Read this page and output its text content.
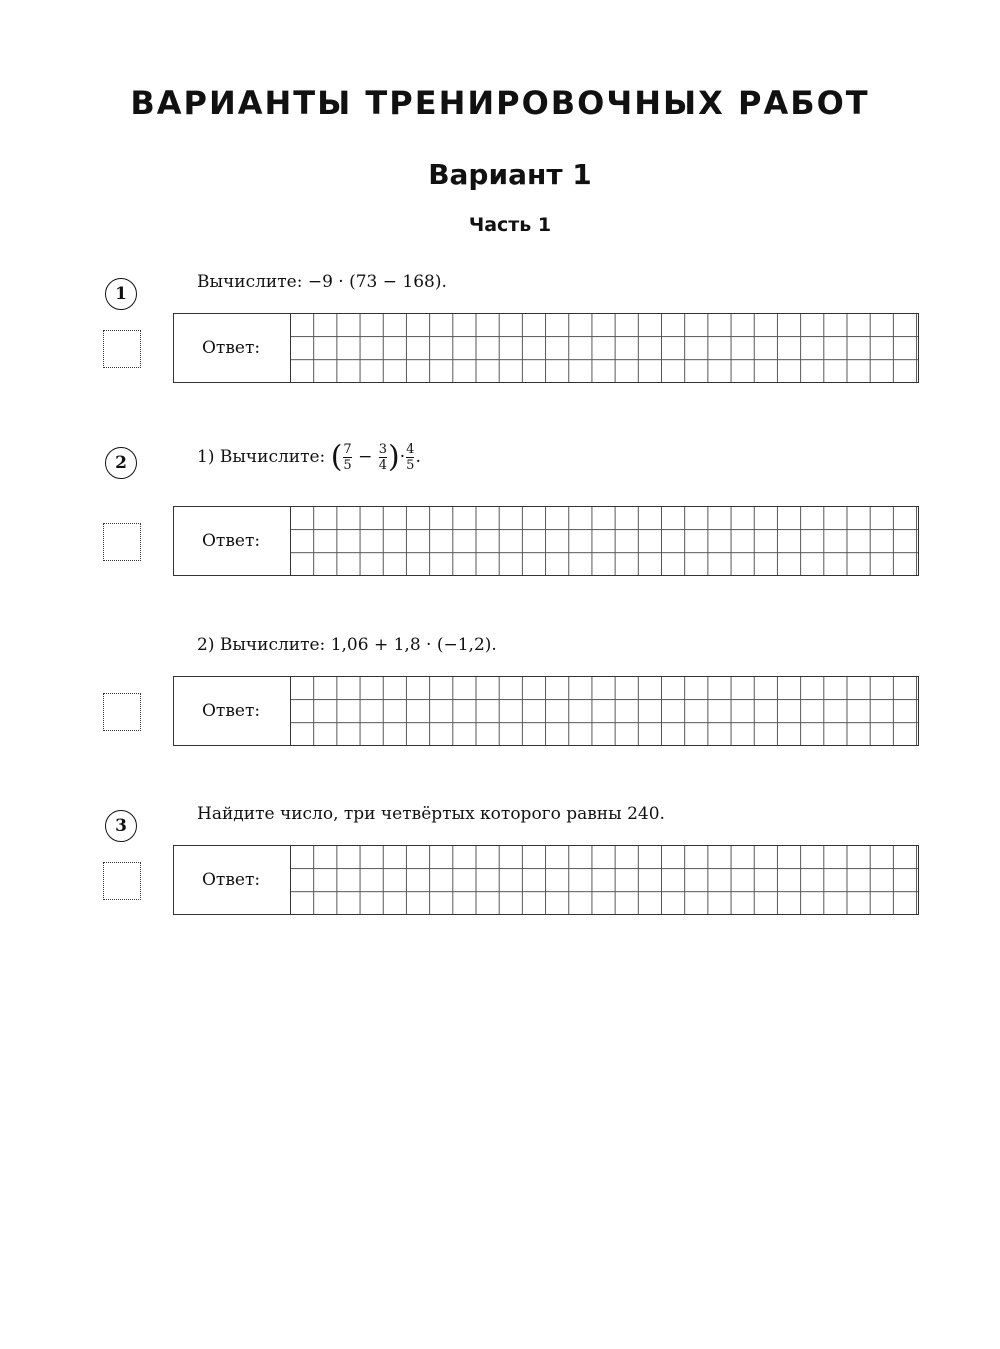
ВАРИАНТЫ ТРЕНИРОВОЧНЫХ РАБОТ
Вариант 1
Часть 1
1
Вычислите: −9 · (73 − 168).
Ответ:
2	1) Вычислите: ( $\frac{7}{5} - \frac{3}{4}$ )· $\frac{4}{5}$ .
Ответ:
2) Вычислите: 1,06 + 1,8 · (−1,2).
Ответ:
3
Найдите число, три четвёртых которого равны 240.
Ответ:
